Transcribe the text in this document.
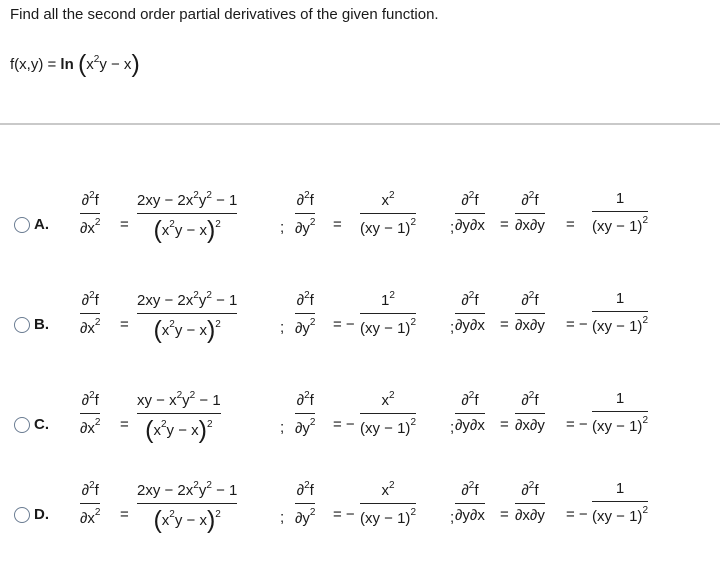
Find all the second order partial derivatives of the given function.
$f(x,y) = \ln (x^2y - x)$
A.
∂$^2$f
$\partial x^2$ =
$2xy - 2x^2y^2 - 1$
$(x^2y - x)^2$	;
∂$^2$f
$\partial y^2$ =
$x^2$
(xy − 1)$^2$ ;
∂$^2$f
∂y∂x =
∂$^2$f
∂x∂y =
1
(xy − 1)$^2$
B.
∂$^2$f
$\partial x^2$ =
$2xy - 2x^2y^2 - 1$
$(x^2y - x)^2$	;
∂$^2$f
$\partial y^2$ = −
$1^2$
(xy − 1)$^2$ ;
∂$^2$f
∂y∂x =
∂$^2$f
∂x∂y = −
1
(xy − 1)$^2$
C.
∂$^2$f
$\partial x^2$ =
xy − $x^2y^2 - 1$
$(x^2y - x)^2$	;
∂$^2$f
$\partial y^2$ = −
$x^2$
(xy − 1)$^2$ ;
∂$^2$f
∂y∂x =
∂$^2$f
∂x∂y = −
1
(xy − 1)$^2$
D.
∂$^2$f
$\partial x^2$ =
$2xy - 2x^2y^2 - 1$
$(x^2y - x)^2$	;
∂$^2$f
$\partial y^2$ = −
$x^2$
(xy − 1)$^2$ ;
∂$^2$f
∂y∂x =
∂$^2$f
∂x∂y = −
1
(xy − 1)$^2$
